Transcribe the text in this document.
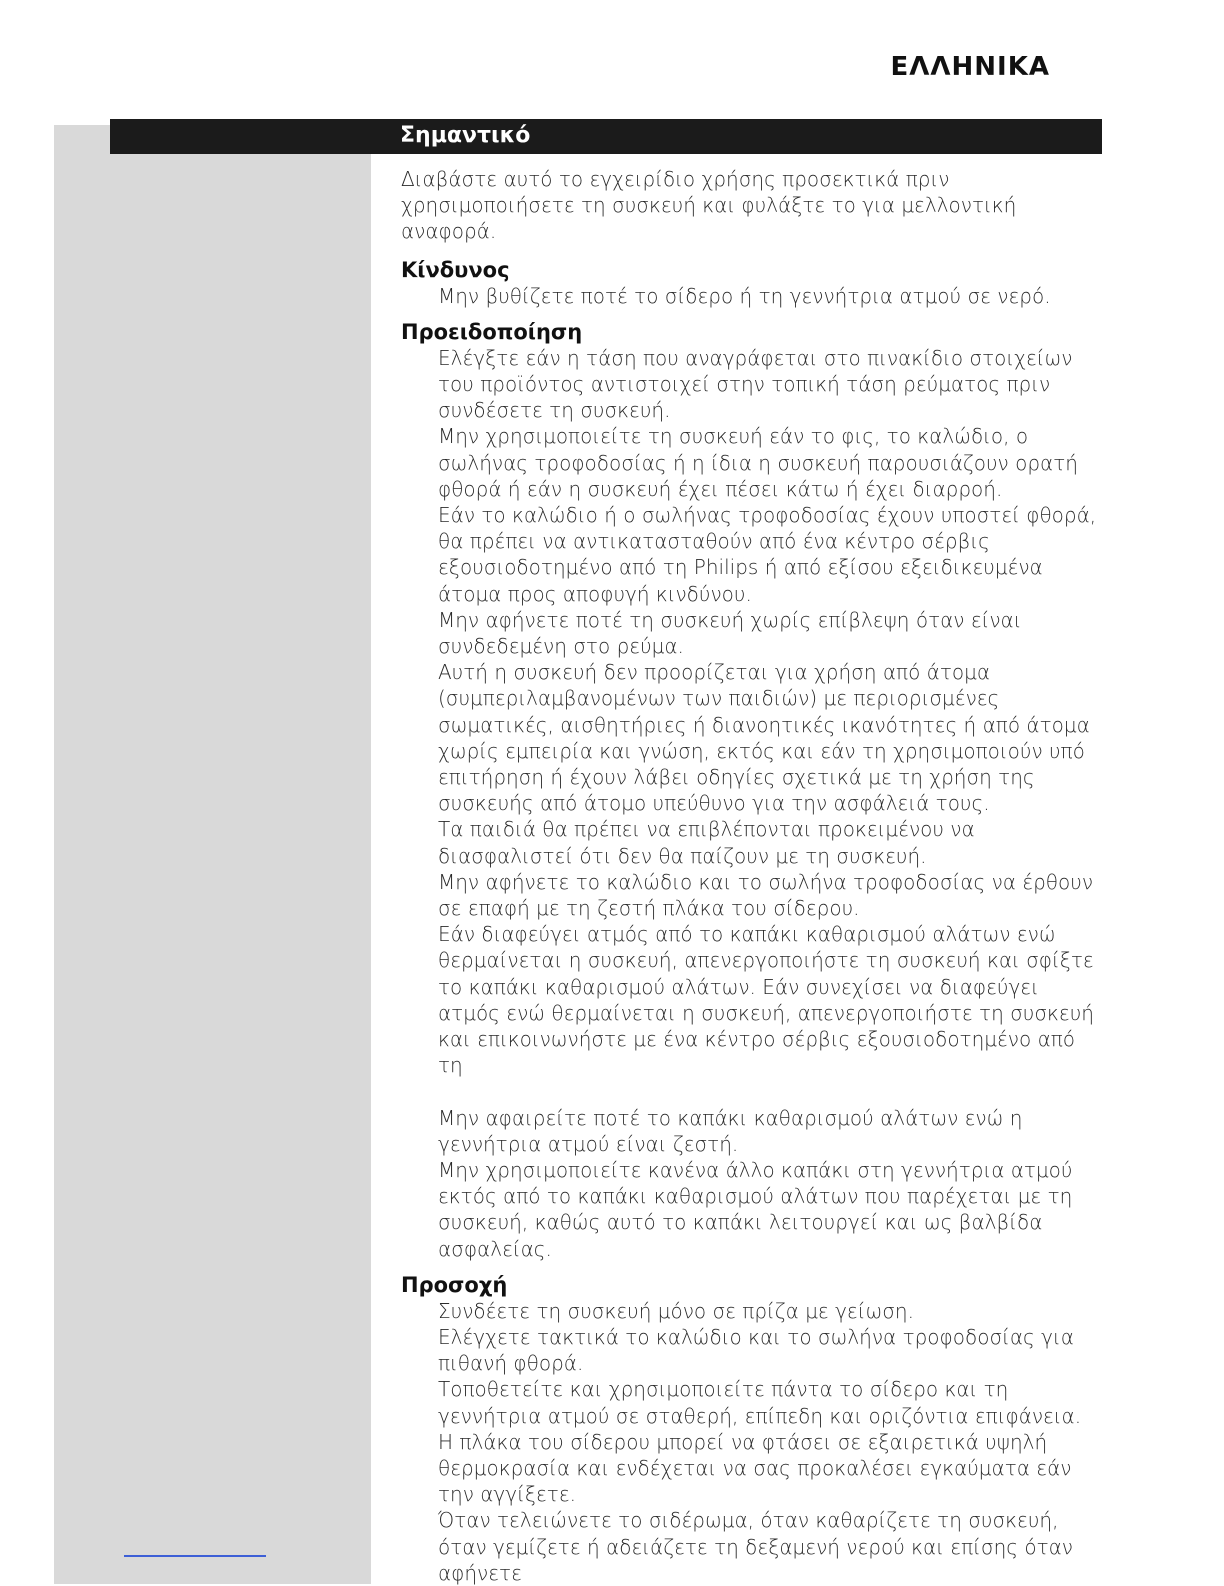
ΕΛΛΗΝΙΚΑ
Σημαντικό

Διαβάστε αυτό το εγχειρίδιο χρήσης προσεκτικά πριν χρησιμοποιήσετε τη συσκευή και φυλάξτε το για μελλοντική αναφορά.

Κίνδυνος

Μην βυθίζετε ποτέ το σίδερο ή τη γεννήτρια ατμού σε νερό.

Προειδοποίηση

Ελέγξτε εάν η τάση που αναγράφεται στο πινακίδιο στοιχείων του προϊόντος αντιστοιχεί στην τοπική τάση ρεύματος πριν συνδέσετε τη συσκευή.

Μην χρησιμοποιείτε τη συσκευή εάν το φις, το καλώδιο, ο σωλήνας τροφοδοσίας ή η ίδια η συσκευή παρουσιάζουν ορατή φθορά ή εάν η συσκευή έχει πέσει κάτω ή έχει διαρροή.

Εάν το καλώδιο ή ο σωλήνας τροφοδοσίας έχουν υποστεί φθορά, θα πρέπει να αντικατασταθούν από ένα κέντρο σέρβις εξουσιοδοτημένο από τη Philips ή από εξίσου εξειδικευμένα άτομα προς αποφυγή κινδύνου.

Μην αφήνετε ποτέ τη συσκευή χωρίς επίβλεψη όταν είναι συνδεδεμένη στο ρεύμα.

Αυτή η συσκευή δεν προορίζεται για χρήση από άτομα (συμπεριλαμβανομένων των παιδιών) με περιορισμένες σωματικές, αισθητήριες ή διανοητικές ικανότητες ή από άτομα χωρίς εμπειρία και γνώση, εκτός και εάν τη χρησιμοποιούν υπό επιτήρηση ή έχουν λάβει οδηγίες σχετικά με τη χρήση της συσκευής από άτομο υπεύθυνο για την ασφάλειά τους.

Τα παιδιά θα πρέπει να επιβλέπονται προκειμένου να διασφαλιστεί ότι δεν θα παίζουν με τη συσκευή.

Μην αφήνετε το καλώδιο και το σωλήνα τροφοδοσίας να έρθουν σε επαφή με τη ζεστή πλάκα του σίδερου.

Εάν διαφεύγει ατμός από το καπάκι καθαρισμού αλάτων ενώ θερμαίνεται η συσκευή, απενεργοποιήστε τη συσκευή και σφίξτε το καπάκι καθαρισμού αλάτων. Εάν συνεχίσει να διαφεύγει ατμός ενώ θερμαίνεται η συσκευή, απενεργοποιήστε τη συσκευή και επικοινωνήστε με ένα κέντρο σέρβις εξουσιοδοτημένο από τη

Μην αφαιρείτε ποτέ το καπάκι καθαρισμού αλάτων ενώ η γεννήτρια ατμού είναι ζεστή.

Μην χρησιμοποιείτε κανένα άλλο καπάκι στη γεννήτρια ατμού εκτός από το καπάκι καθαρισμού αλάτων που παρέχεται με τη συσκευή, καθώς αυτό το καπάκι λειτουργεί και ως βαλβίδα ασφαλείας.

Προσοχή

Συνδέετε τη συσκευή μόνο σε πρίζα με γείωση.

Ελέγχετε τακτικά το καλώδιο και το σωλήνα τροφοδοσίας για πιθανή φθορά.

Τοποθετείτε και χρησιμοποιείτε πάντα το σίδερο και τη γεννήτρια ατμού σε σταθερή, επίπεδη και οριζόντια επιφάνεια.

Η πλάκα του σίδερου μπορεί να φτάσει σε εξαιρετικά υψηλή θερμοκρασία και ενδέχεται να σας προκαλέσει εγκαύματα εάν την αγγίξετε.

Όταν τελειώνετε το σιδέρωμα, όταν καθαρίζετε τη συσκευή, όταν γεμίζετε ή αδειάζετε τη δεξαμενή νερού και επίσης όταν αφήνετε
